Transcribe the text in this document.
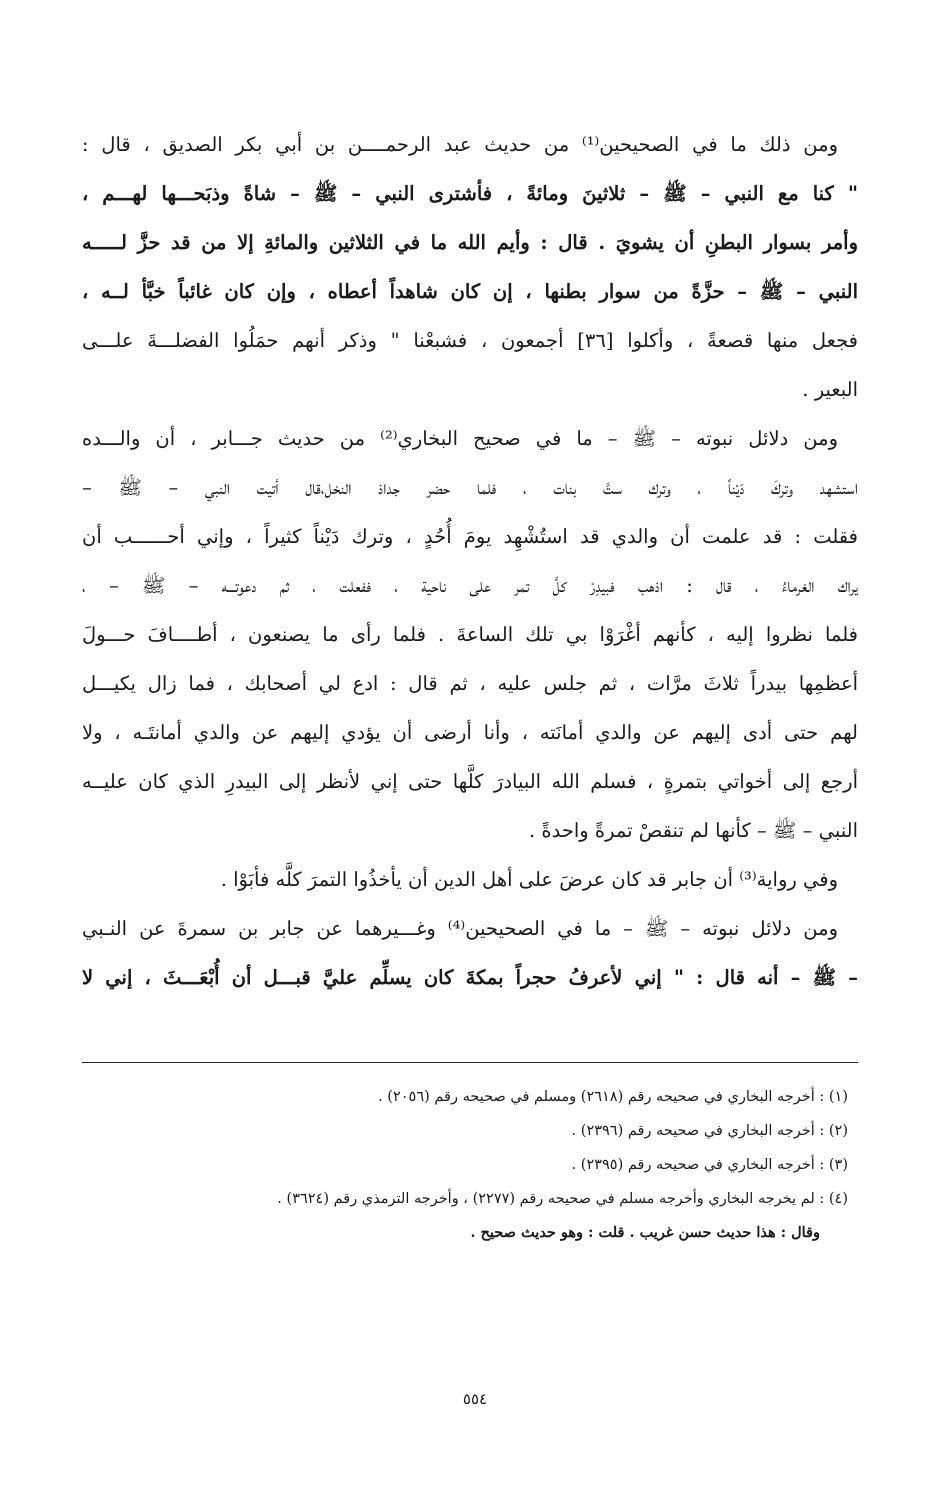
ومن ذلك ما في الصحيحين⁽¹⁾ من حديث عبد الرحمــــن بن أبي بكر الصديق ، قال :
" كنا مع النبي – ﷺ – ثلاثينَ ومائةً ، فأشترى النبي – ﷺ – شاةً وذبَحـــها لهـــم ،
وأمر بسوار البطنِ أن يشويَ . قال : وأيم الله ما في الثلاثين والمائةِ إلا من قد حزَّ لـــــه
النبي – ﷺ – حزَّةً من سوار بطنها ، إن كان شاهداً أعطاه ، وإن كان غائباً خبَّأ لــه ،
فجعل منها قصعةً ، وأكلوا [٣٦] أجمعون ، فشبعْنا " وذكر أنهم حمَلُوا الفضلـــةَ علـــى
البعير .
ومن دلائل نبوته – ﷺ – ما في صحيح البخاري⁽²⁾ من حديث جـــابر ، أن والـــده
استشهد وتركَ دَيْناً ، وترك ستَّ بنات ، فلما حضر جداذ النخل،قال أتيت النبي – ﷺ –
فقلت : قد علمت أن والدي قد استُشْهِد يومَ أُحُدٍ ، وترك دَيْناً كثيراً ، وإني أحــــــب أن
يراك الغرماءُ ، قال : اذهب فبيدِرْ كلَّ تمر على ناحية ، ففعلت ، ثم دعوتـــه – ﷺ – ،
فلما نظروا إليه ، كأنهم أغْرَوْا بي تلك الساعةَ . فلما رأى ما يصنعون ، أطــــافَ حـــولَ
أعظمِها بيدراً ثلاثَ مرَّات ، ثم جلس عليه ، ثم قال : ادع لي أصحابك ، فما زال يكيـــل
لهم حتى أدى إليهم عن والدي أمانَته ، وأنا أرضى أن يؤدي إليهم عن والدي أمانتَـه ، ولا
أرجع إلى أخواتي بتمرةٍ ، فسلم الله البيادرَ كلَّها حتى إني لأنظر إلى البيدرِ الذي كان عليــه
النبي – ﷺ – كأنها لم تنقصْ تمرةً واحدةً .
وفي رواية⁽³⁾ أن جابر قد كان عرضَ على أهل الدين أن يأخذُوا التمرَ كلَّه فأبَوْا .
ومن دلائل نبوته – ﷺ – ما في الصحيحين⁽⁴⁾ وغـــيرهما عن جابر بن سمرةَ عن النـبي
– ﷺ – أنه قال : " إني لأعرفُ حجراً بمكةَ كان يسلِّم عليَّ قبـــل أن أُبْعَـــثَ ، إني لا
(١) : أخرجه البخاري في صحيحه رقم (٢٦١٨) ومسلم في صحيحه رقم (٢٠٥٦) .
(٢) : أخرجه البخاري في صحيحه رقم (٢٣٩٦) .
(٣) : أخرجه البخاري في صحيحه رقم (٢٣٩٥) .
(٤) : لم يخرجه البخاري وأخرجه مسلم في صحيحه رقم (٢٢٧٧) ، وأخرجه الترمذي رقم (٣٦٢٤) .
وقال : هذا حديث حسن غريب . قلت : وهو حديث صحيح .
٥٥٤
